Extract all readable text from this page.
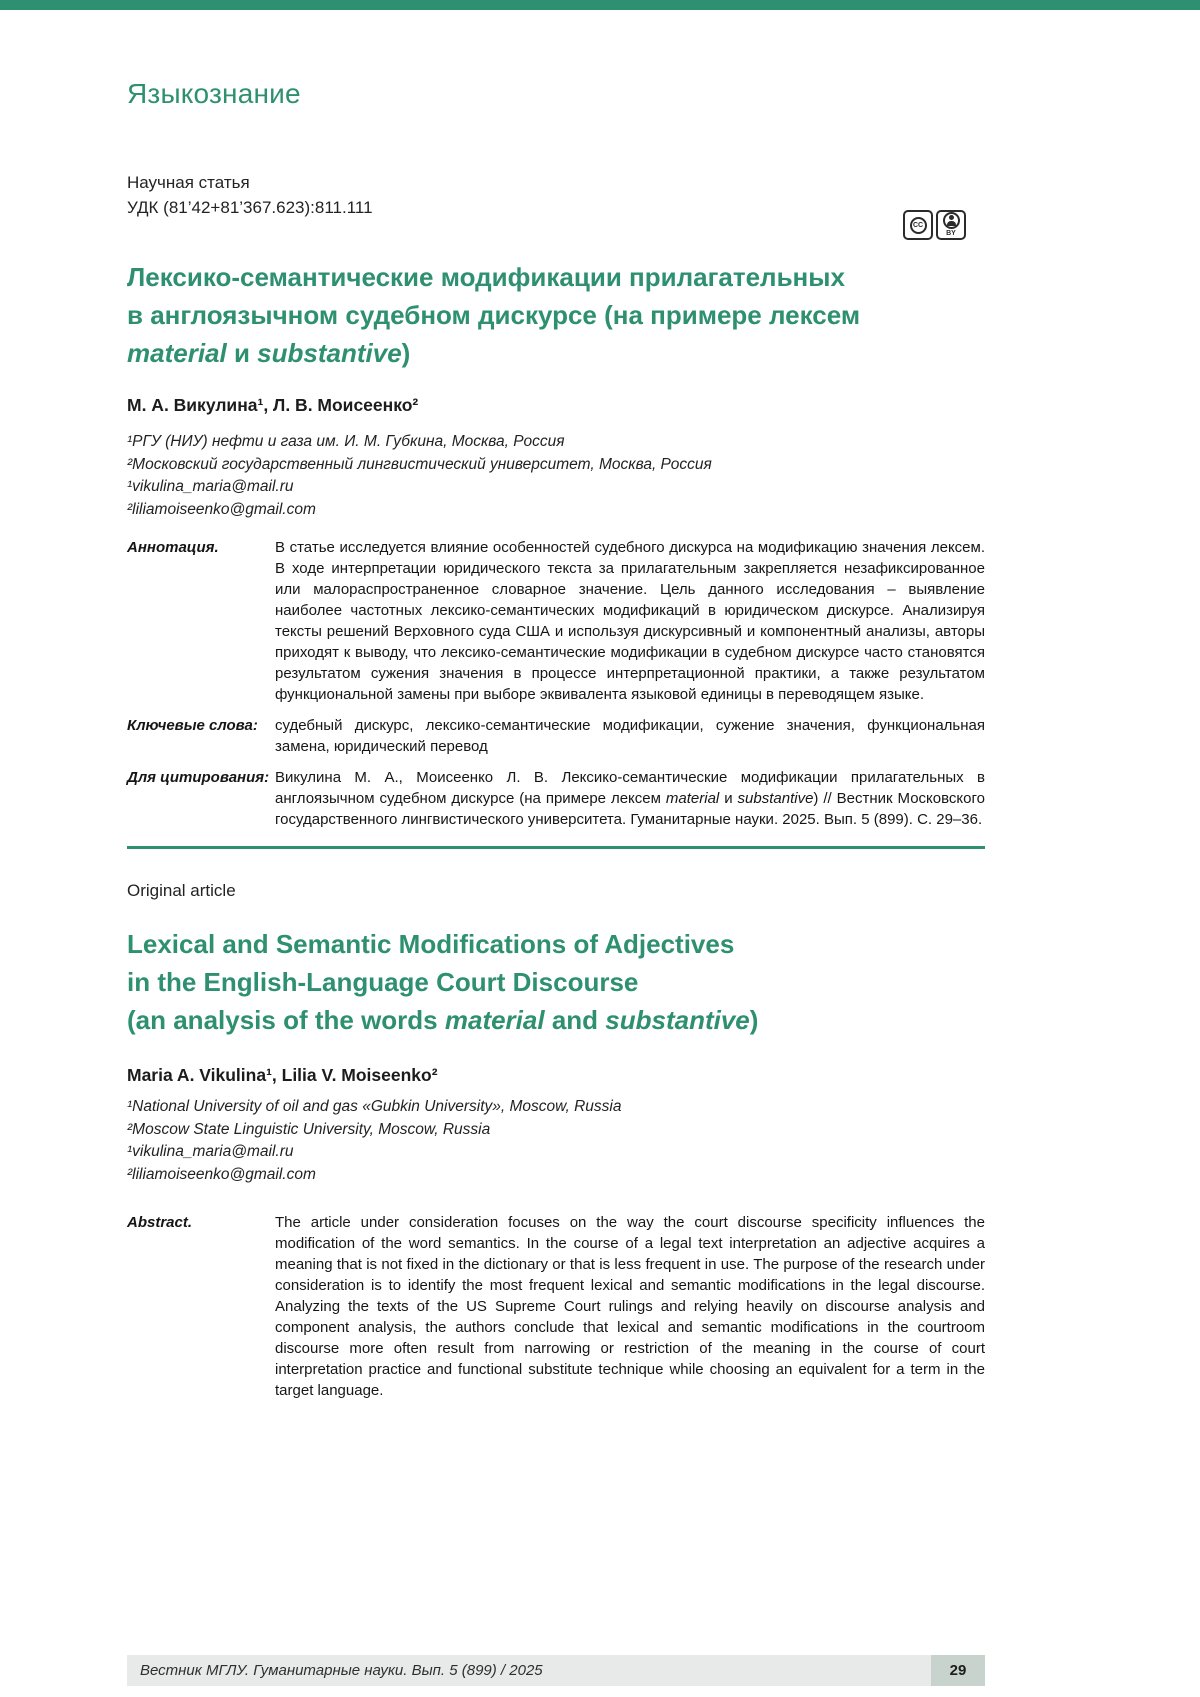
Языкознание
Научная статья
УДК (81’42+81’367.623):811.111
CC
BY
Лексико-семантические модификации прилагательных
в англоязычном судебном дискурсе (на примере лексем
material и substantive)
М. А. Викулина¹, Л. В. Моисеенко²
¹РГУ (НИУ) нефти и газа им. И. М. Губкина, Москва, Россия
²Московский государственный лингвистический университет, Москва, Россия
¹vikulina_maria@mail.ru
²liliamoiseenko@gmail.com
Аннотация.	В статье исследуется влияние особенностей судебного дискурса на модификацию значения лексем. В ходе интерпретации юридического текста за прилагательным закрепляется незафиксированное или малораспространенное словарное значение. Цель данного исследования – выявление наиболее частотных лексико-семантических модификаций в юридическом дискурсе. Анализируя тексты решений Верховного суда США и используя дискурсивный и компонентный анализы, авторы приходят к выводу, что лексико-семантические модификации в судебном дискурсе часто становятся результатом сужения значения в процессе интерпретационной практики, а также результатом функциональной замены при выборе эквивалента языковой единицы в переводящем языке.
Ключевые слова:	судебный дискурс, лексико-семантические модификации, сужение значения, функциональная замена, юридический перевод
Для цитирования: Викулина М. А., Моисеенко Л. В. Лексико-семантические модификации прилагательных в англоязычном судебном дискурсе (на примере лексем material и substantive) // Вестник Московского государственного лингвистического университета. Гуманитарные науки. 2025. Вып. 5 (899). С. 29–36.
Original article
Lexical and Semantic Modifications of Adjectives
in the English-Language Court Discourse
(an analysis of the words material and substantive)
Maria A. Vikulina¹, Lilia V. Moiseenko²
¹National University of oil and gas «Gubkin University», Moscow, Russia
²Moscow State Linguistic University, Moscow, Russia
¹vikulina_maria@mail.ru
²liliamoiseenko@gmail.com
Abstract.	The article under consideration focuses on the way the court discourse specificity influences the modification of the word semantics. In the course of a legal text interpretation an adjective acquires a meaning that is not fixed in the dictionary or that is less frequent in use. The purpose of the research under consideration is to identify the most frequent lexical and semantic modifications in the legal discourse. Analyzing the texts of the US Supreme Court rulings and relying heavily on discourse analysis and component analysis, the authors conclude that lexical and semantic modifications in the courtroom discourse more often result from narrowing or restriction of the meaning in the course of court interpretation practice and functional substitute technique while choosing an equivalent for a term in the target language.
Вестник МГЛУ. Гуманитарные науки. Вып. 5 (899) / 2025	29
